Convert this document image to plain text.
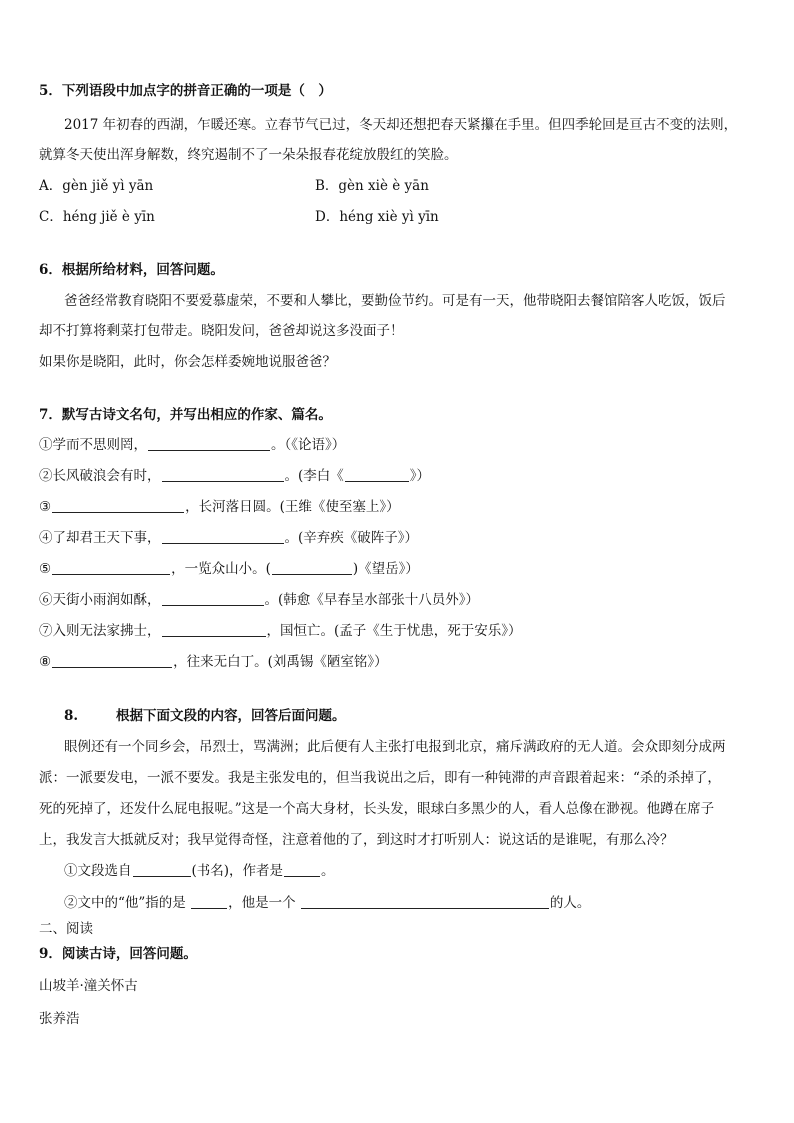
5．下列语段中加点字的拼音正确的一项是（　）
2017 年初春的西湖，乍暖还寒。立春节气已过，冬天却还想把春天紧攥在手里。但四季轮回是亘古不变的法则，
就算冬天使出浑身解数，终究遏制不了一朵朵报春花绽放殷红的笑脸。
A．gèn jiě yì yān	B．gèn xiè è yān
C．héng jiě è yīn	D．héng xiè yì yīn
6．根据所给材料，回答问题。
爸爸经常教育晓阳不要爱慕虚荣，不要和人攀比，要勤俭节约。可是有一天，他带晓阳去餐馆陪客人吃饭，饭后
却不打算将剩菜打包带走。晓阳发问，爸爸却说这多没面子！
如果你是晓阳，此时，你会怎样委婉地说服爸爸？
7．默写古诗文名句，并写出相应的作家、篇名。
①学而不思则罔，	。（《论语》）
②长风破浪会有时，	。(李白《	》）
③	，长河落日圆。(王维《使至塞上》）
④了却君王天下事，	。(辛弃疾《破阵子》）
⑤	，一览众山小。(	)《望岳》）
⑥天街小雨润如酥，	。(韩愈《早春呈水部张十八员外》）
⑦入则无法家拂士，	，国恒亡。(孟子《生于忧患，死于安乐》）
⑧	，往来无白丁。(刘禹锡《陋室铭》）
8.	根据下面文段的内容，回答后面问题。
眼例还有一个同乡会，吊烈士，骂满洲；此后便有人主张打电报到北京，痛斥满政府的无人道。会众即刻分成两
派：一派要发电，一派不要发。我是主张发电的，但当我说出之后，即有一种钝滞的声音跟着起来：“杀的杀掉了，
死的死掉了，还发什么屁电报呢。”这是一个高大身材，长头发，眼球白多黑少的人，看人总像在渺视。他蹲在席子
上，我发言大抵就反对；我早觉得奇怪，注意着他的了，到这时才打听别人：说这话的是谁呢，有那么冷？
①文段选自	(书名)，作者是	。
②文中的“他”指的是	，他是一个	的人。
二、阅读
9．阅读古诗，回答问题。
山坡羊·潼关怀古
张养浩
